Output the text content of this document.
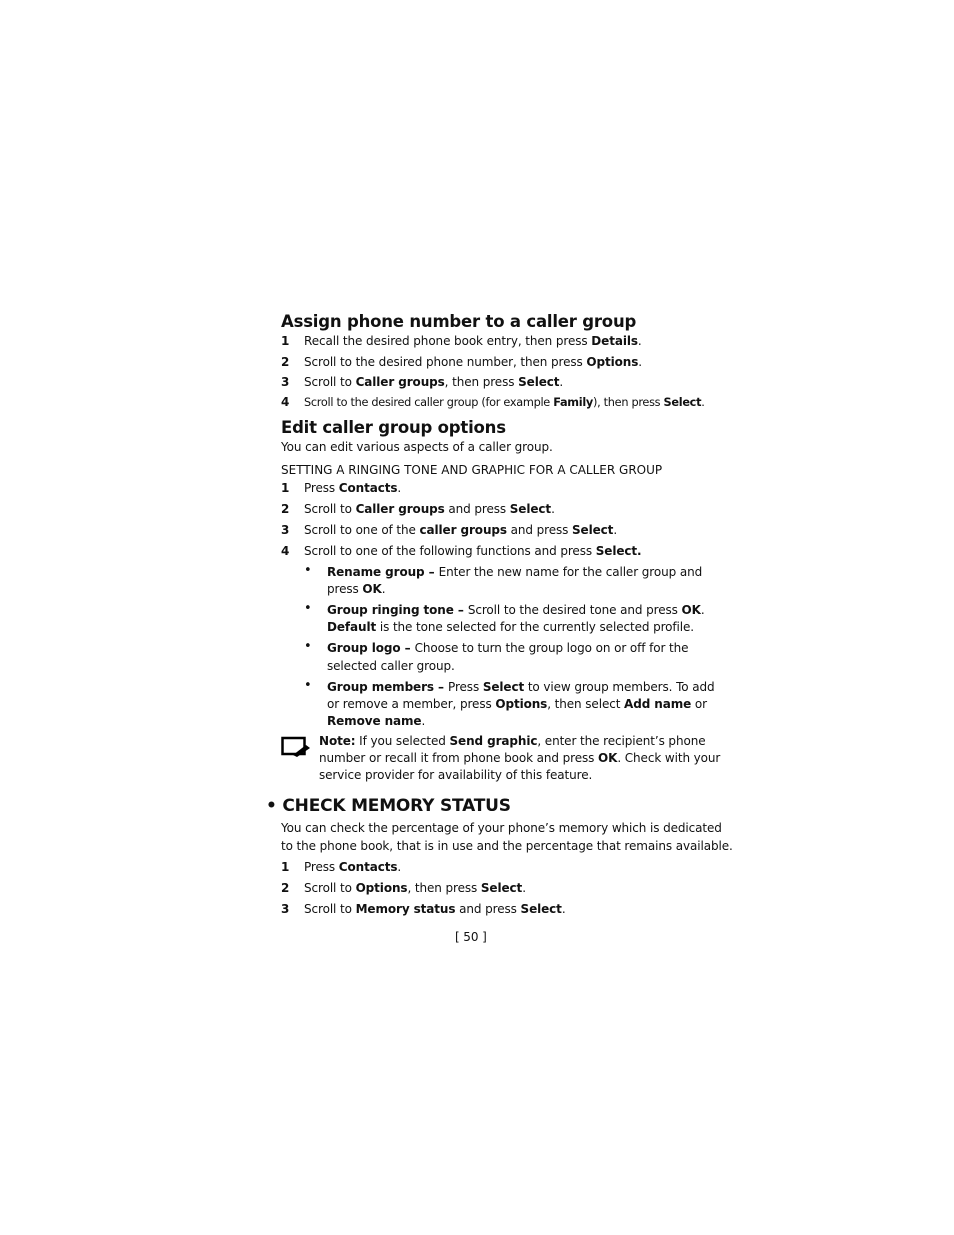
Assign phone number to a caller group
1 Recall the desired phone book entry, then press Details.
2 Scroll to the desired phone number, then press Options.
3 Scroll to Caller groups, then press Select.
4 Scroll to the desired caller group (for example Family), then press Select.
Edit caller group options
You can edit various aspects of a caller group.
SETTING A RINGING TONE AND GRAPHIC FOR A CALLER GROUP
1 Press Contacts.
2 Scroll to Caller groups and press Select.
3 Scroll to one of the caller groups and press Select.
4 Scroll to one of the following functions and press Select.
• Rename group – Enter the new name for the caller group and
press OK.
• Group ringing tone – Scroll to the desired tone and press OK.
Default is the tone selected for the currently selected profile.
• Group logo – Choose to turn the group logo on or off for the
selected caller group.
• Group members – Press Select to view group members. To add
or remove a member, press Options, then select Add name or
Remove name.
Note: If you selected Send graphic, enter the recipient’s phone
number or recall it from phone book and press OK. Check with your
service provider for availability of this feature.
• CHECK MEMORY STATUS
You can check the percentage of your phone’s memory which is dedicated
to the phone book, that is in use and the percentage that remains available.
1 Press Contacts.
2 Scroll to Options, then press Select.
3 Scroll to Memory status and press Select.
[ 50 ]
